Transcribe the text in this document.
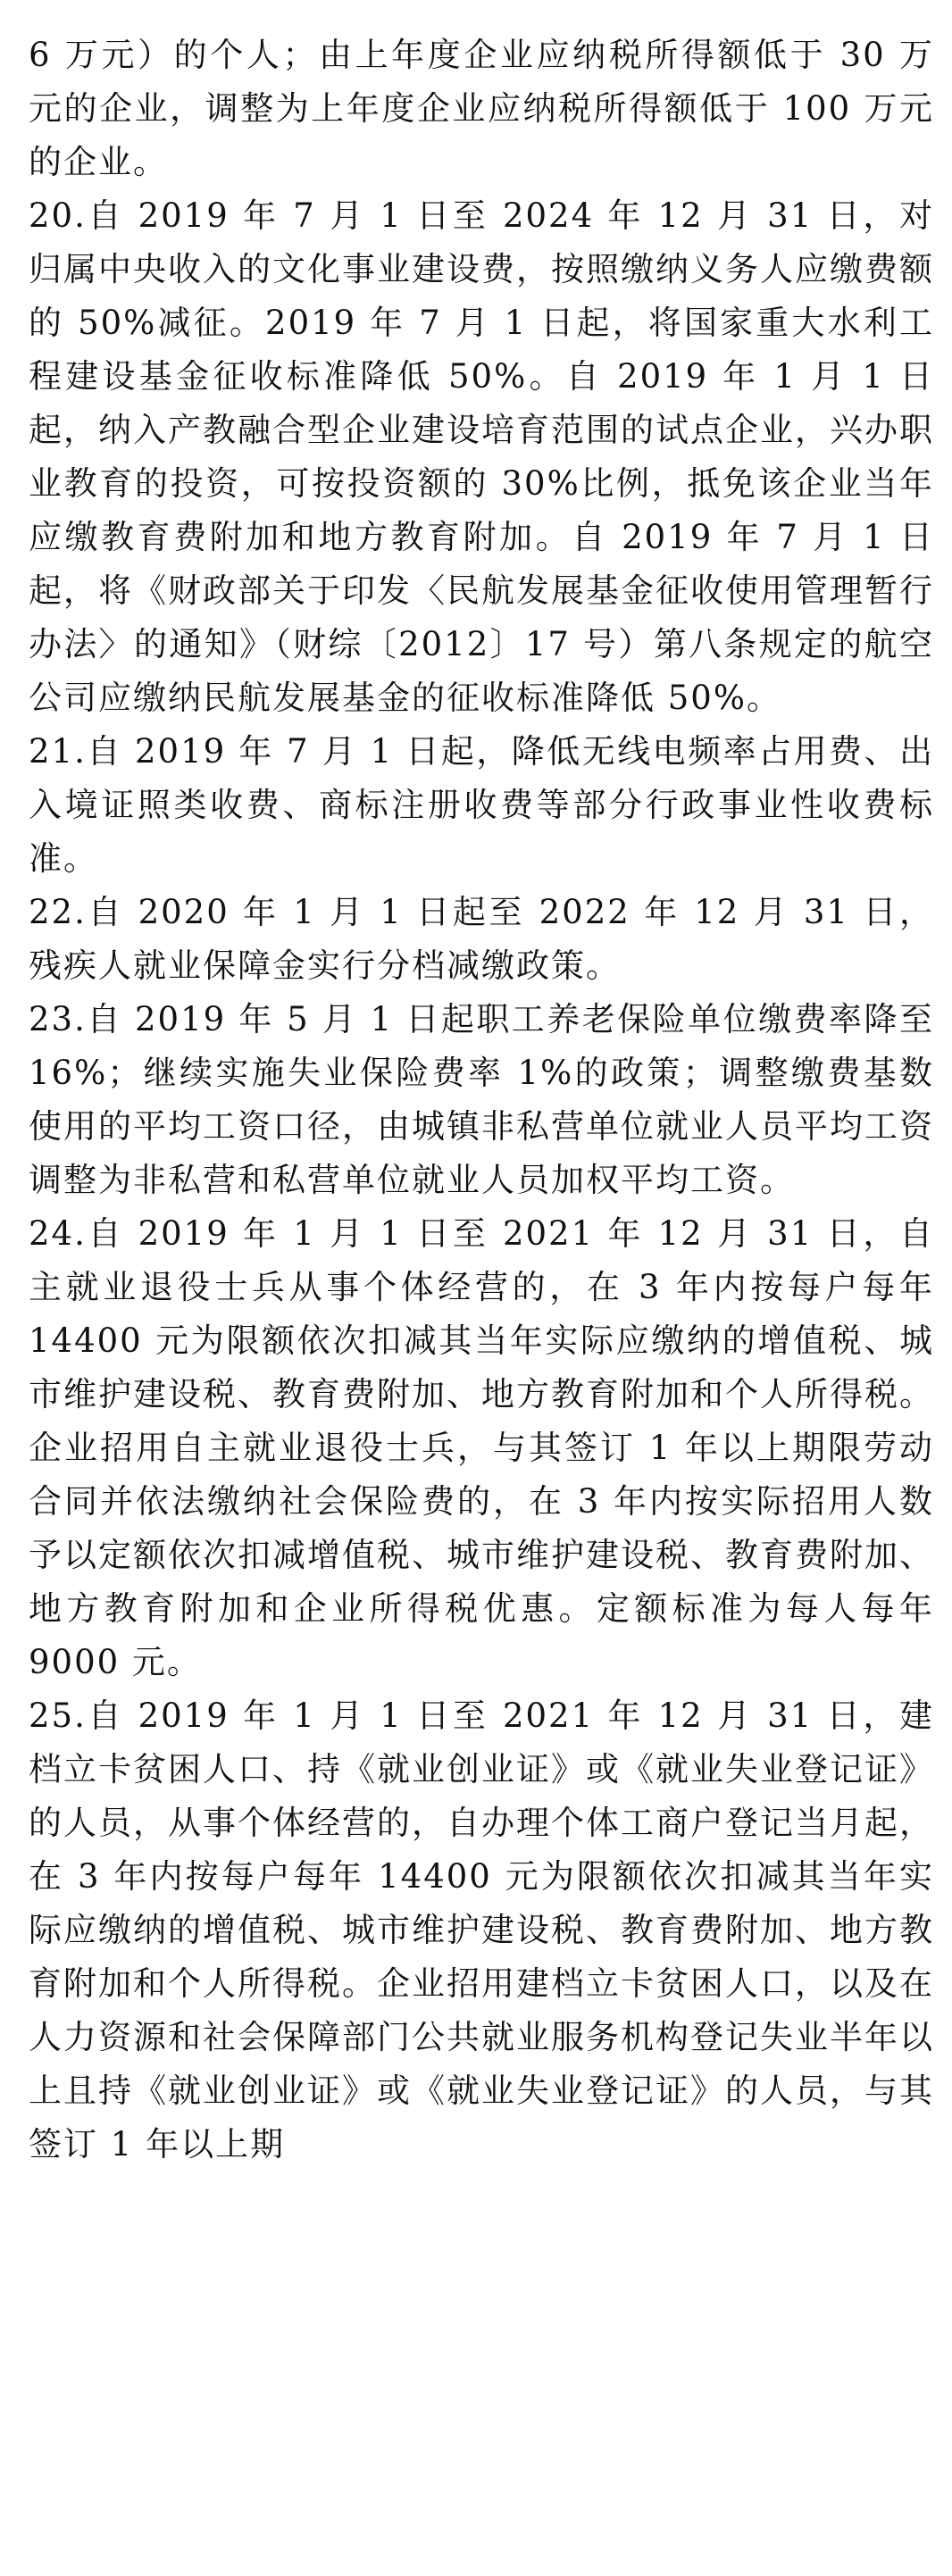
6 万元）的个人；由上年度企业应纳税所得额低于 30 万元的企业，调整为上年度企业应纳税所得额低于 100 万元的企业。

20.自 2019 年 7 月 1 日至 2024 年 12 月 31 日，对归属中央收入的文化事业建设费，按照缴纳义务人应缴费额的 50%减征。2019 年 7 月 1 日起，将国家重大水利工程建设基金征收标准降低 50%。自 2019 年 1 月 1 日起，纳入产教融合型企业建设培育范围的试点企业，兴办职业教育的投资，可按投资额的 30%比例，抵免该企业当年应缴教育费附加和地方教育附加。自 2019 年 7 月 1 日起，将《财政部关于印发〈民航发展基金征收使用管理暂行办法〉的通知》（财综〔2012〕17 号）第八条规定的航空公司应缴纳民航发展基金的征收标准降低 50%。

21.自 2019 年 7 月 1 日起，降低无线电频率占用费、出入境证照类收费、商标注册收费等部分行政事业性收费标准。

22.自 2020 年 1 月 1 日起至 2022 年 12 月 31 日，残疾人就业保障金实行分档减缴政策。

23.自 2019 年 5 月 1 日起职工养老保险单位缴费率降至 16%；继续实施失业保险费率 1%的政策；调整缴费基数使用的平均工资口径，由城镇非私营单位就业人员平均工资调整为非私营和私营单位就业人员加权平均工资。

24.自 2019 年 1 月 1 日至 2021 年 12 月 31 日，自主就业退役士兵从事个体经营的，在 3 年内按每户每年 14400 元为限额依次扣减其当年实际应缴纳的增值税、城市维护建设税、教育费附加、地方教育附加和个人所得税。企业招用自主就业退役士兵，与其签订 1 年以上期限劳动合同并依法缴纳社会保险费的，在 3 年内按实际招用人数予以定额依次扣减增值税、城市维护建设税、教育费附加、地方教育附加和企业所得税优惠。定额标准为每人每年 9000 元。

25.自 2019 年 1 月 1 日至 2021 年 12 月 31 日，建档立卡贫困人口、持《就业创业证》或《就业失业登记证》的人员，从事个体经营的，自办理个体工商户登记当月起，在 3 年内按每户每年 14400 元为限额依次扣减其当年实际应缴纳的增值税、城市维护建设税、教育费附加、地方教育附加和个人所得税。企业招用建档立卡贫困人口，以及在人力资源和社会保障部门公共就业服务机构登记失业半年以上且持《就业创业证》或《就业失业登记证》的人员，与其签订 1 年以上期
